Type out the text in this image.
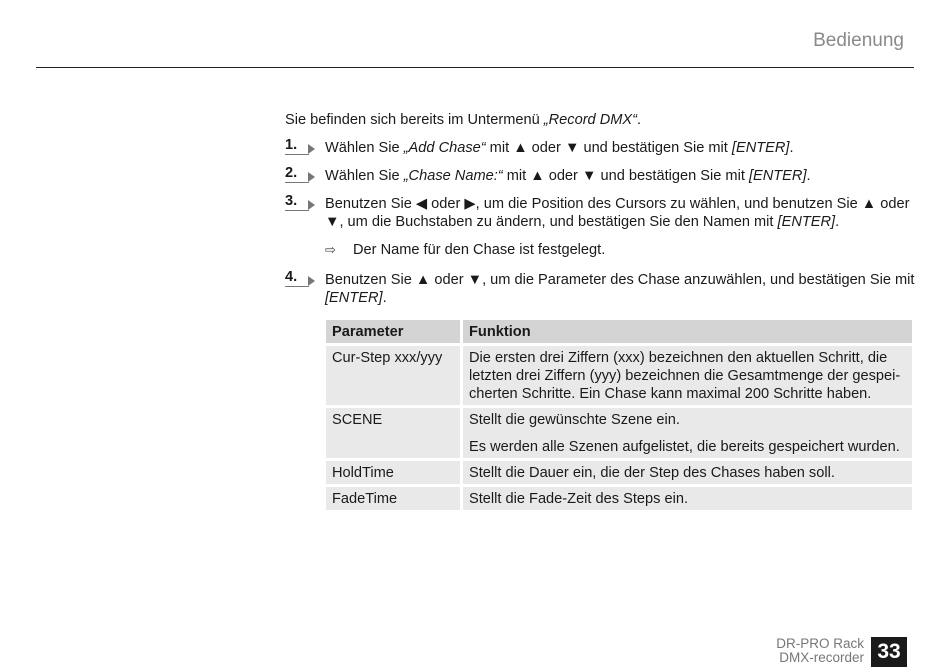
Bedienung

Sie befinden sich bereits im Untermenü „Record DMX“.

1. Wählen Sie „Add Chase“ mit ▲ oder ▼ und bestätigen Sie mit [ENTER].
2. Wählen Sie „Chase Name:“ mit ▲ oder ▼ und bestätigen Sie mit [ENTER].
3. Benutzen Sie ◀ oder ▶, um die Position des Cursors zu wählen, und benutzen Sie ▲ oder ▼, um die Buchstaben zu ändern, und bestätigen Sie den Namen mit [ENTER].
⇨	Der Name für den Chase ist festgelegt.
4. Benutzen Sie ▲ oder ▼, um die Parameter des Chase anzuwählen, und bestätigen Sie mit [ENTER].
Parameter	Funktion
Cur-Step xxx/yyy	Die ersten drei Ziffern (xxx) bezeichnen den aktuellen Schritt, die letzten drei Ziffern (yyy) bezeichnen die Gesamtmenge der gespei-cherten Schritte. Ein Chase kann maximal 200 Schritte haben.
SCENE	Stellt die gewünschte Szene ein.
Es werden alle Szenen aufgelistet, die bereits gespeichert wurden.

HoldTime	Stellt die Dauer ein, die der Step des Chases haben soll.
FadeTime	Stellt die Fade-Zeit des Steps ein.
DR-PRO Rack
DMX-recorder 33
